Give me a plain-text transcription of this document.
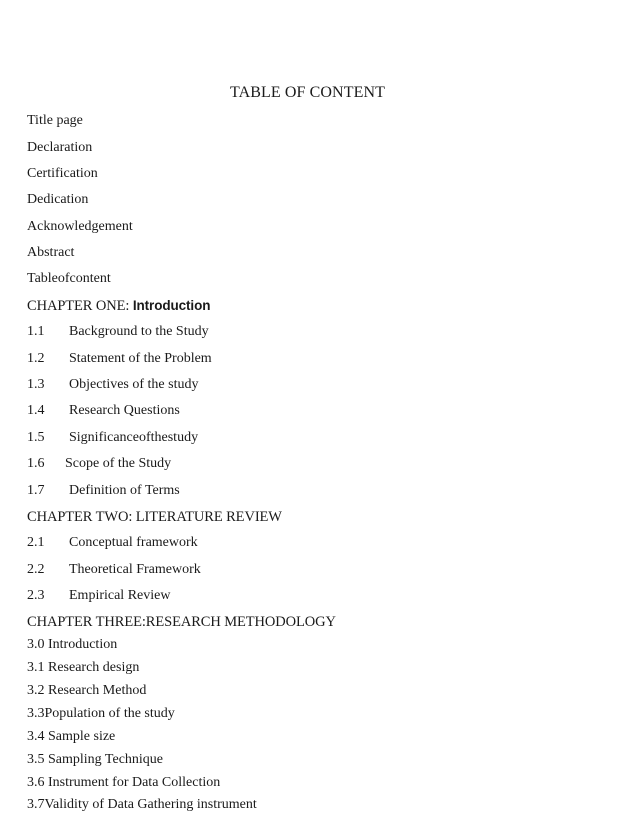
TABLE OF CONTENT
Title page
Declaration
Certification
Dedication
Acknowledgement
Abstract
Tableofcontent
CHAPTER ONE: Introduction
1.1 Background to the Study
1.2 Statement of the Problem
1.3 Objectives of the study
1.4 Research Questions
1.5 Significanceofthestudy
1.6 Scope of the Study
1.7 Definition of Terms
CHAPTER TWO: LITERATURE REVIEW
2.1 Conceptual framework
2.2 Theoretical Framework
2.3 Empirical Review
CHAPTER THREE:RESEARCH METHODOLOGY
3.0 Introduction
3.1 Research design
3.2 Research Method
3.3Population of the study
3.4 Sample size
3.5 Sampling Technique
3.6 Instrument for Data Collection
3.7Validity of Data Gathering instrument
